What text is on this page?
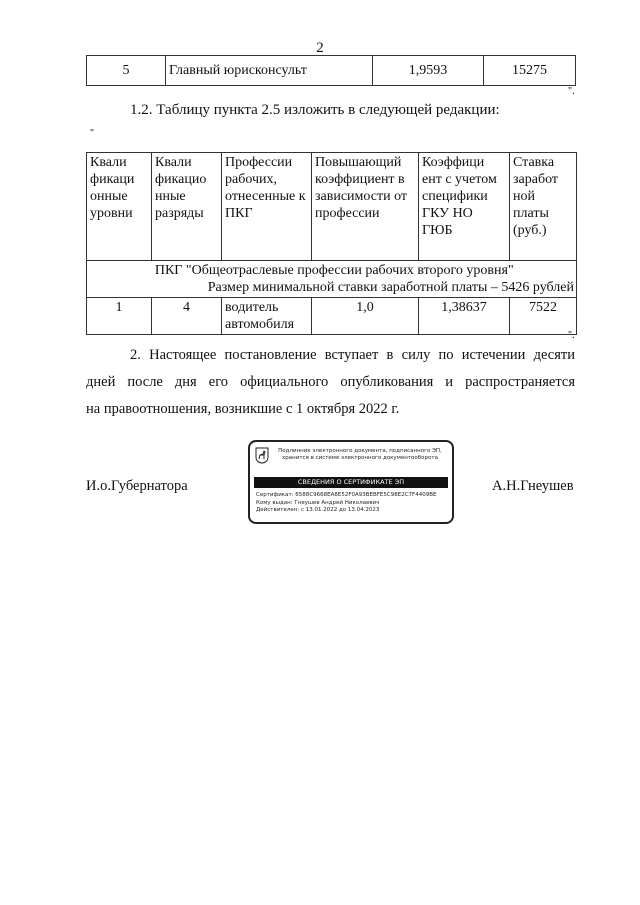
2
5	Главный юрисконсульт	1,9593	15275
".
1.2. Таблицу пункта 2.5 изложить в следующей редакции:
"
Квали фикаци онные уровни	Квали фикацио нные разряды	Профессии рабочих, отнесенные к ПКГ	Повышающий коэффициент в зависимости от профессии	Коэффици ент с учетом специфики ГКУ НО ГЮБ	Ставка заработ ной платы (руб.)

	ПКГ "Общеотраслевые профессии рабочих второго уровня"
Размер минимальной ставки заработной платы – 5426 рублей				

1	4	водитель автомобиля	1,0	1,38637	7522
".
2. Настоящее постановление вступает в силу по истечении десяти
дней после дня его официального опубликования и распространяется
на правоотношения, возникшие с 1 октября 2022 г.
И.о.Губернатора	А.Н.Гнеушев
Подлинник электронного документа, подписанного ЭП, хранится в системе электронного документооборота
СВЕДЕНИЯ О СЕРТИФИКАТЕ ЭП
Сертификат: 6588C9668EA8E52F0A93BEBFE5C98E2C7F4409BE
Кому выдан: Гнеушев Андрей Николаевич
Действителен: с 13.01.2022 до 13.04.2023
